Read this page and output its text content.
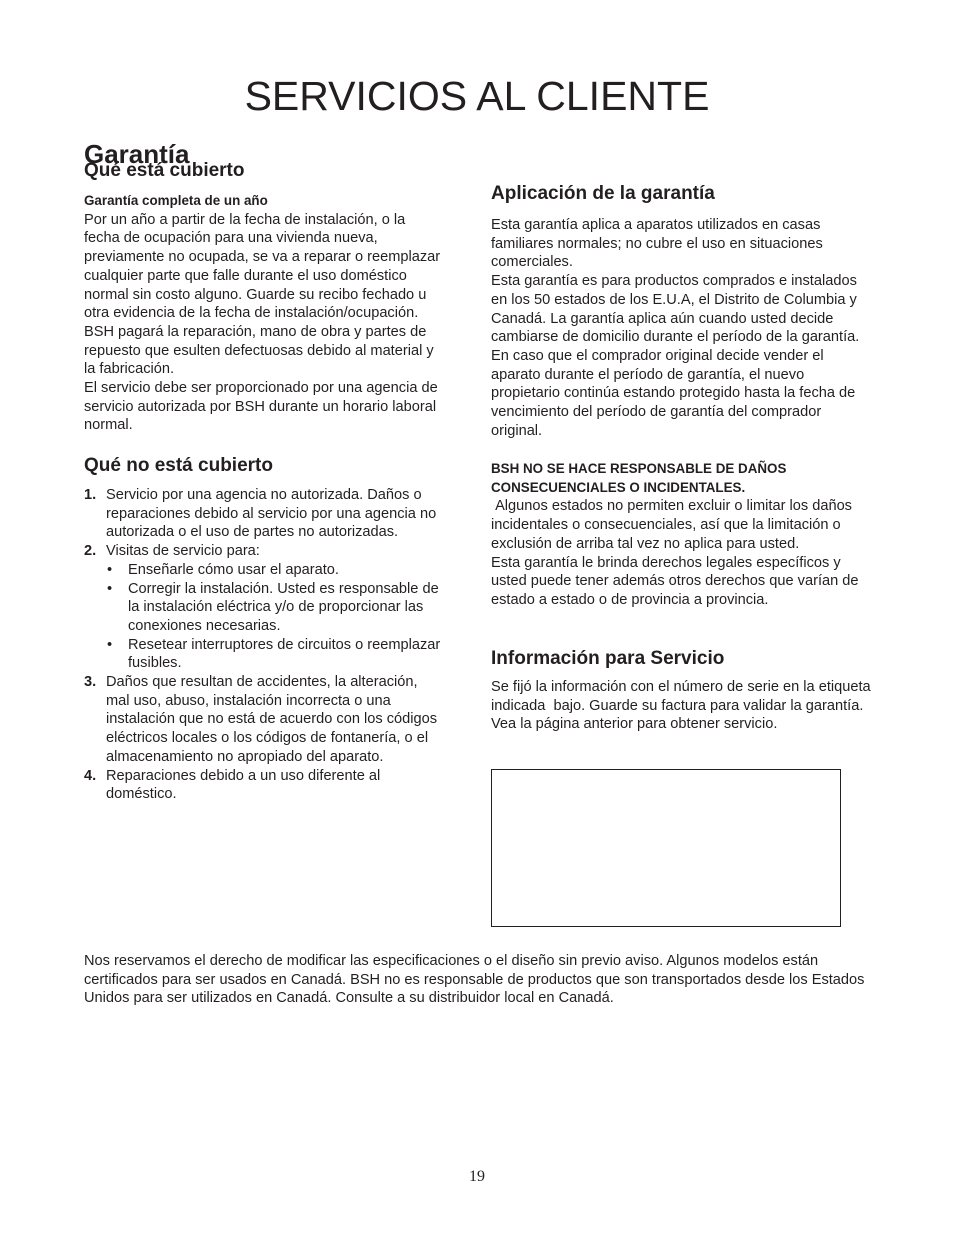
SERVICIOS AL CLIENTE
Garantía
Qué está cubierto

Garantía completa de un año

Por un año a partir de la fecha de instalación, o la fecha de ocupación para una vivienda nueva, previamente no ocupada, se va a reparar o reemplazar cualquier parte que falle durante el uso doméstico normal sin costo alguno. Guarde su recibo fechado u otra evidencia de la fecha de instalación/ocupación. BSH pagará la reparación, mano de obra y partes de repuesto que esulten defectuosas debido al material y la fabricación.

El servicio debe ser proporcionado por una agencia de servicio autorizada por BSH durante un horario laboral normal.

Qué no está cubierto
1. Servicio por una agencia no autorizada. Daños o reparaciones debido al servicio por una agencia no autorizada o el uso de partes no autorizadas.
2. Visitas de servicio para:
• Enseñarle cómo usar el aparato.
• Corregir la instalación. Usted es responsable de la instalación eléctrica y/o de proporcionar las conexiones necesarias.
• Resetear interruptores de circuitos o reemplazar fusibles.
3. Daños que resultan de accidentes, la alteración, mal uso, abuso, instalación incorrecta o una instalación que no está de acuerdo con los códigos eléctricos locales o los códigos de fontanería, o el almacenamiento no apropiado del aparato.
4. Reparaciones debido a un uso diferente al doméstico.
Aplicación de la garantía

Esta garantía aplica a aparatos utilizados en casas familiares normales; no cubre el uso en situaciones comerciales.

Esta garantía es para productos comprados e instalados en los 50 estados de los E.U.A, el Distrito de Columbia y Canadá. La garantía aplica aún cuando usted decide cambiarse de domicilio durante el período de la garantía. En caso que el comprador original decide vender el aparato durante el período de garantía, el nuevo propietario continúa estando protegido hasta la fecha de vencimiento del período de garantía del comprador original.

BSH NO SE HACE RESPONSABLE DE DAÑOS CONSECUENCIALES O INCIDENTALES.

Algunos estados no permiten excluir o limitar los daños incidentales o consecuenciales, así que la limitación o exclusión de arriba tal vez no aplica para usted.

Esta garantía le brinda derechos legales específicos y usted puede tener además otros derechos que varían de estado a estado o de provincia a provincia.

Información para Servicio
Se fijó la información con el número de serie en la etiqueta indicada  bajo. Guarde su factura para validar la garantía. Vea la página anterior para obtener servicio.
Nos reservamos el derecho de modificar las especificaciones o el diseño sin previo aviso. Algunos modelos están certificados para ser usados en Canadá. BSH no es responsable de productos que son transportados desde los Estados Unidos para ser utilizados en Canadá. Consulte a su distribuidor local en Canadá.
19
